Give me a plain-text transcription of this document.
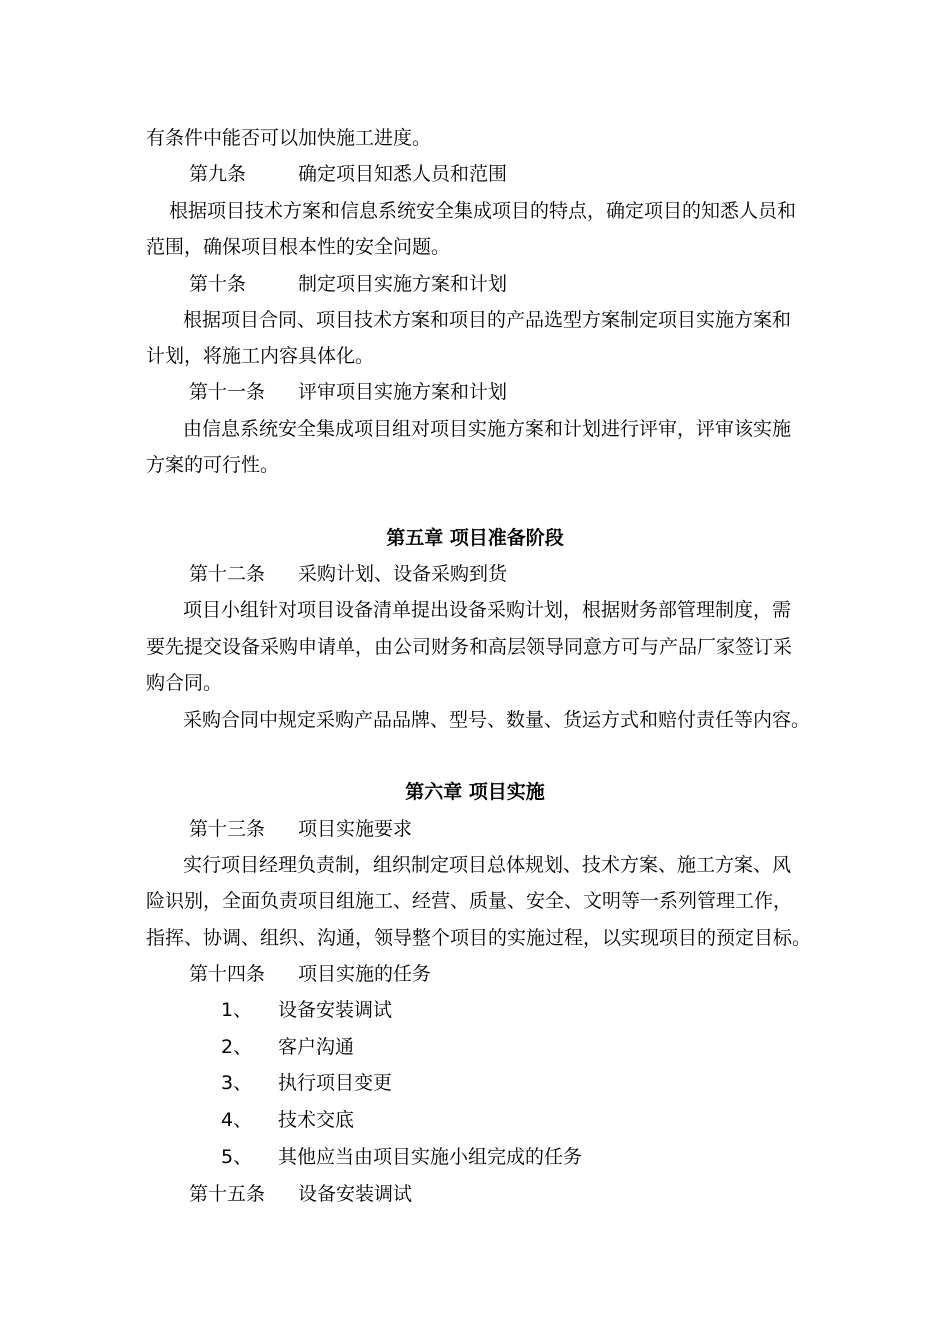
有条件中能否可以加快施工进度。
第九条	确定项目知悉人员和范围
根据项目技术方案和信息系统安全集成项目的特点，确定项目的知悉人员和
范围，确保项目根本性的安全问题。
第十条	制定项目实施方案和计划
根据项目合同、项目技术方案和项目的产品选型方案制定项目实施方案和
计划，将施工内容具体化。
第十一条 评审项目实施方案和计划
由信息系统安全集成项目组对项目实施方案和计划进行评审，评审该实施
方案的可行性。
第五章 项目准备阶段
第十二条 采购计划、设备采购到货
项目小组针对项目设备清单提出设备采购计划，根据财务部管理制度，需
要先提交设备采购申请单，由公司财务和高层领导同意方可与产品厂家签订采
购合同。
采购合同中规定采购产品品牌、型号、数量、货运方式和赔付责任等内容。
第六章 项目实施
第十三条 项目实施要求
实行项目经理负责制，组织制定项目总体规划、技术方案、施工方案、风
险识别，全面负责项目组施工、经营、质量、安全、文明等一系列管理工作，
指挥、协调、组织、沟通，领导整个项目的实施过程，以实现项目的预定目标。
第十四条 项目实施的任务
1、 设备安装调试
2、 客户沟通
3、 执行项目变更
4、 技术交底
5、 其他应当由项目实施小组完成的任务
第十五条 设备安装调试
